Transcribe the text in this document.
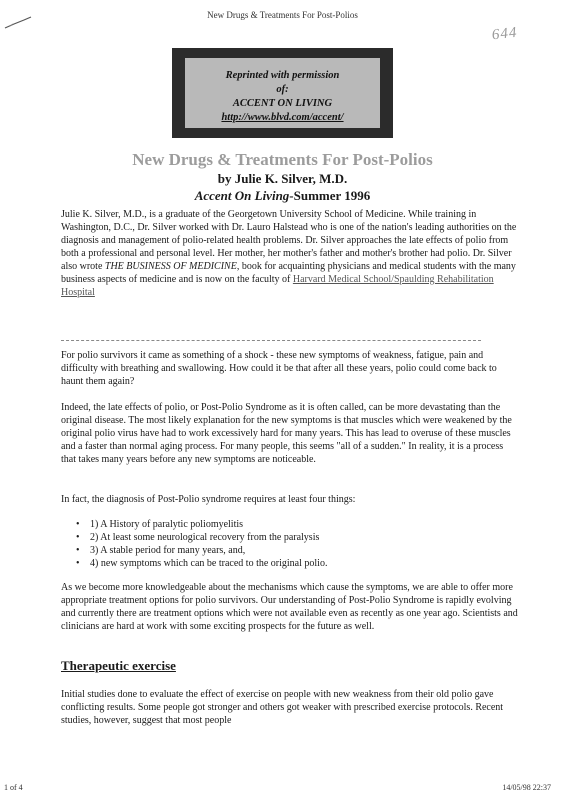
New Drugs & Treatments For Post-Polios
644
Reprinted with permission
of:
ACCENT ON LIVING
http://www.blvd.com/accent/
New Drugs & Treatments For Post-Polios
by Julie K. Silver, M.D.
Accent On Living-Summer 1996

Julie K. Silver, M.D., is a graduate of the Georgetown University School of Medicine. While training in Washington, D.C., Dr. Silver worked with Dr. Lauro Halstead who is one of the nation's leading authorities on the diagnosis and management of polio-related health problems. Dr. Silver approaches the late effects of polio from both a professional and personal level. Her mother, her mother's father and mother's brother had polio. Dr. Silver also wrote THE BUSINESS OF MEDICINE, book for acquainting physicians and medical students with the many business aspects of medicine and is now on the faculty of Harvard Medical School/Spaulding Rehabilitation Hospital

For polio survivors it came as something of a shock - these new symptoms of weakness, fatigue, pain and difficulty with breathing and swallowing. How could it be that after all these years, polio could come back to haunt them again?

Indeed, the late effects of polio, or Post-Polio Syndrome as it is often called, can be more devastating than the original disease. The most likely explanation for the new symptoms is that muscles which were weakened by the original polio virus have had to work excessively hard for many years. This has lead to overuse of these muscles and a faster than normal aging process. For many people, this seems "all of a sudden." In reality, it is a process that takes many years before any new symptoms are noticeable.

In fact, the diagnosis of Post-Polio syndrome requires at least four things:

• 1) A History of paralytic poliomyelitis
• 2) At least some neurological recovery from the paralysis
• 3) A stable period for many years, and,
• 4) new symptoms which can be traced to the original polio.

As we become more knowledgeable about the mechanisms which cause the symptoms, we are able to offer more appropriate treatment options for polio survivors. Our understanding of Post-Polio Syndrome is rapidly evolving and currently there are treatment options which were not available even as recently as one year ago. Scientists and clinicians are hard at work with some exciting prospects for the future as well.

Therapeutic exercise

Initial studies done to evaluate the effect of exercise on people with new weakness from their old polio gave conflicting results. Some people got stronger and others got weaker with prescribed exercise protocols. Recent studies, however, suggest that most people

1 of 4	14/05/98 22:37
